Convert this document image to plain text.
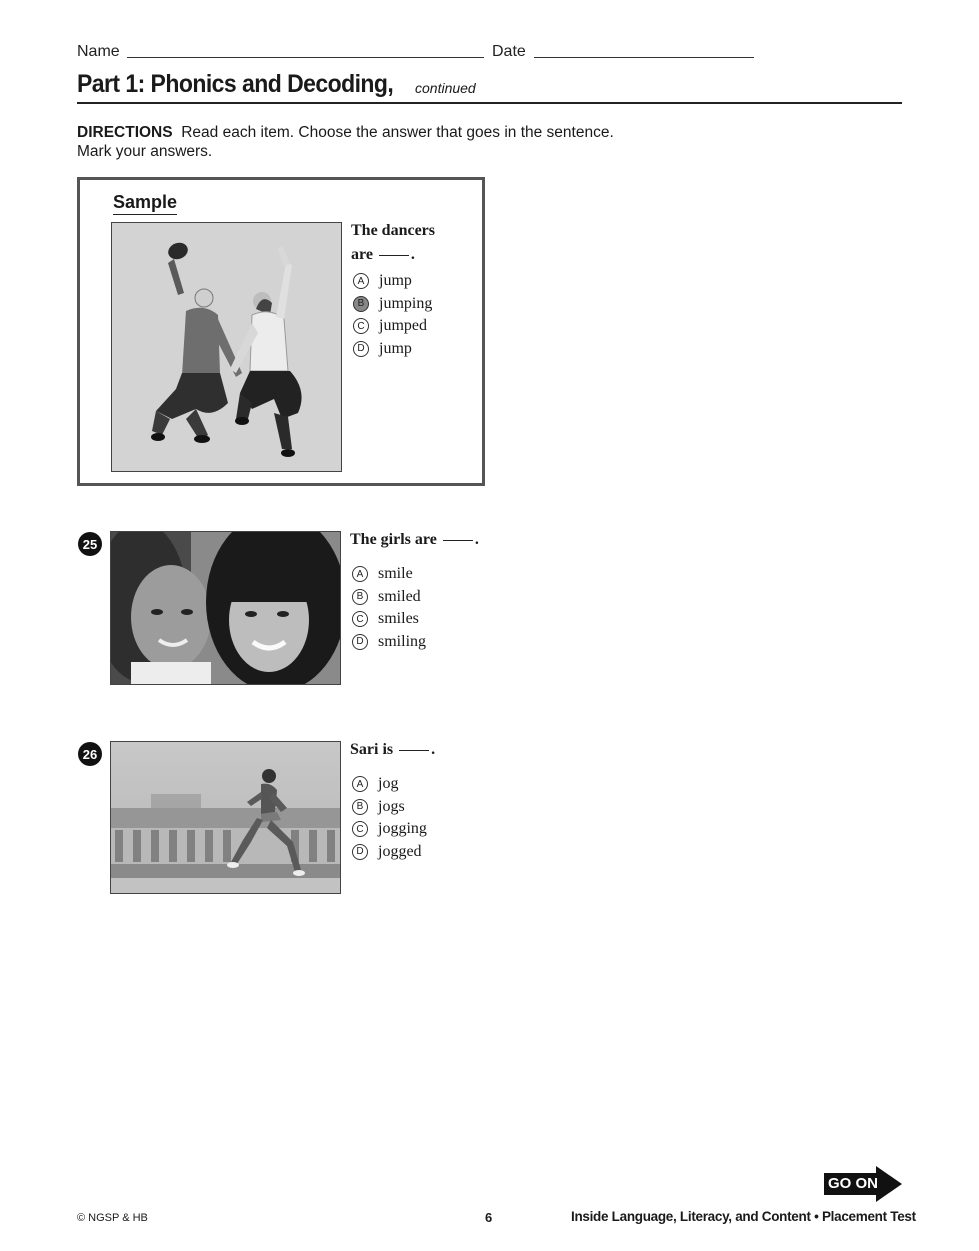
Name	Date
Part 1: Phonics and Decoding,	continued
DIRECTIONS Read each item. Choose the answer that goes in the sentence.
Mark your answers.
Sample
The dancers
are .
A jump
B jumping
C jumped
D jump
25	The girls are .
A smile
B smiled
C smiles
D smiling
26	Sari is .
A jog
B jogs
C jogging
D jogged
GO ON
© NGSP & HB	6	Inside Language, Literacy, and Content • Placement Test
